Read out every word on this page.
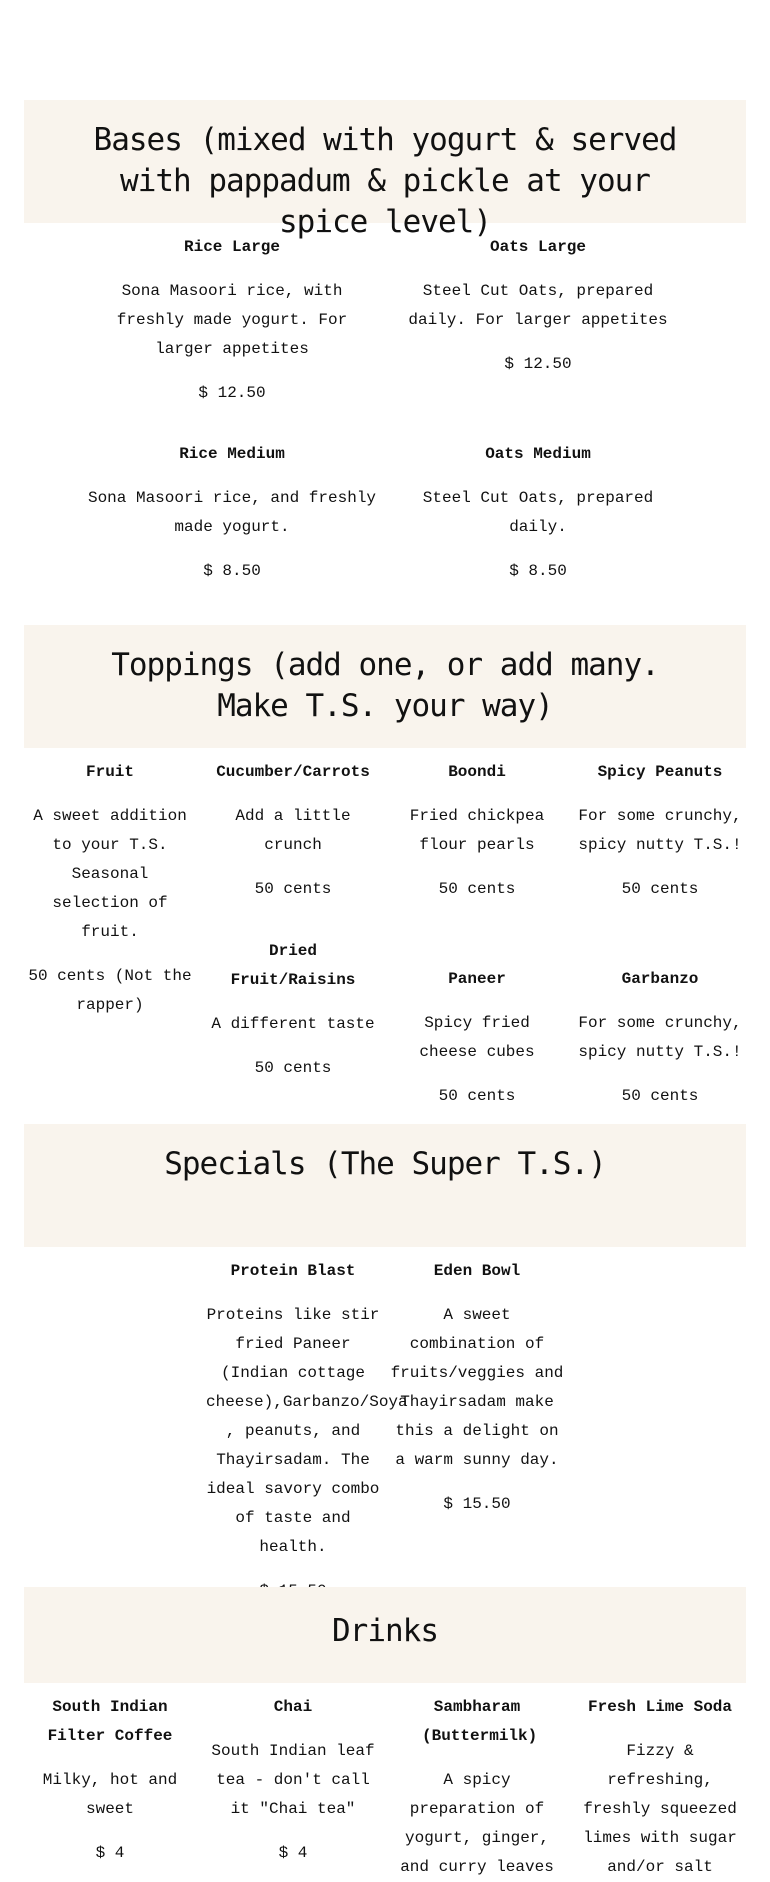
Bases (mixed with yogurt & served with pappadum & pickle at your spice level)

Rice Large

Sona Masoori rice, with freshly made yogurt. For larger appetites

$ 12.50

Oats Large

Steel Cut Oats, prepared daily. For larger appetites

$ 12.50

Rice Medium

Sona Masoori rice, and freshly made yogurt.

$ 8.50

Oats Medium

Steel Cut Oats, prepared daily.

$ 8.50

Toppings (add one, or add many. Make T.S. your way)

Fruit

A sweet addition to your T.S. Seasonal selection of fruit.

50 cents (Not the rapper)

Cucumber/Carrots

Add a little crunch

50 cents

Boondi

Fried chickpea flour pearls

50 cents

Spicy Peanuts

For some crunchy, spicy nutty T.S.!

50 cents

Dried Fruit/Raisins

A different taste

50 cents

Paneer

Spicy fried cheese cubes

50 cents

Garbanzo

For some crunchy, spicy nutty T.S.!

50 cents

Specials (The Super T.S.)

Protein Blast

Proteins like stir fried Paneer (Indian cottage cheese),Garbanzo/Soya , peanuts, and Thayirsadam. The ideal savory combo of taste and health.

Eden Bowl

A sweet combination of fruits/veggies and Thayirsadam make this a delight on a warm sunny day.

$ 15.50

Drinks

South Indian Filter Coffee

Milky, hot and sweet

$ 4

Chai

South Indian leaf tea - don't call it "Chai tea"

$ 4

Sambharam (Buttermilk)

A spicy preparation of yogurt, ginger, and curry leaves

Fresh Lime Soda

Fizzy & refreshing, freshly squeezed limes with sugar and/or salt
